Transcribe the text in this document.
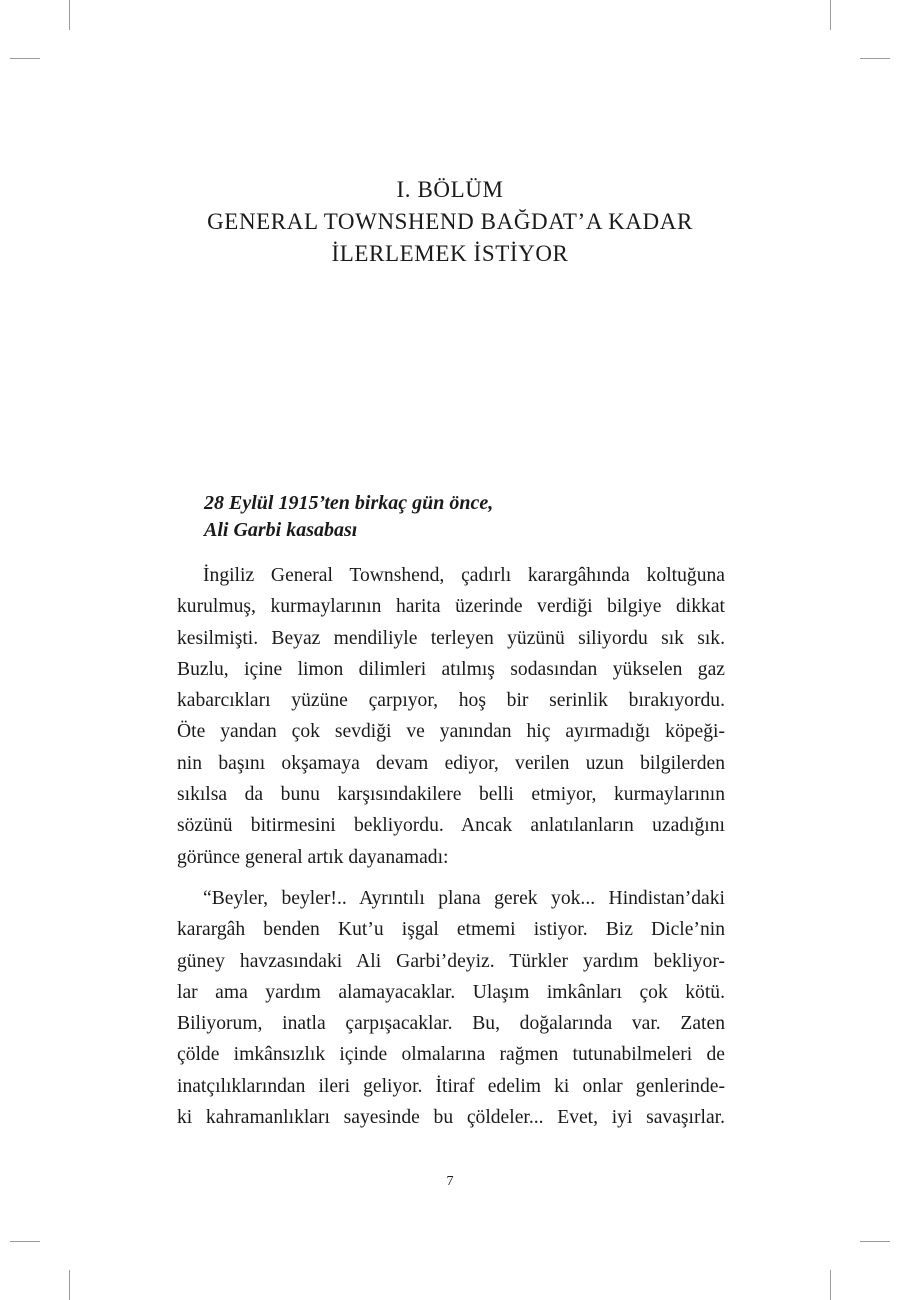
I. BÖLÜM
GENERAL TOWNSHEND BAĞDAT’A KADAR
İLERLEMEK İSTİYOR
28 Eylül 1915’ten birkaç gün önce,
Ali Garbi kasabası
İngiliz General Townshend, çadırlı karargâhında koltuğuna
kurulmuş, kurmaylarının harita üzerinde verdiği bilgiye dikkat
kesilmişti. Beyaz mendiliyle terleyen yüzünü siliyordu sık sık.
Buzlu, içine limon dilimleri atılmış sodasından yükselen gaz
kabarcıkları yüzüne çarpıyor, hoş bir serinlik bırakıyordu.
Öte yandan çok sevdiği ve yanından hiç ayırmadığı köpeği-
nin başını okşamaya devam ediyor, verilen uzun bilgilerden
sıkılsa da bunu karşısındakilere belli etmiyor, kurmaylarının
sözünü bitirmesini bekliyordu. Ancak anlatılanların uzadığını
görünce general artık dayanamadı:
“Beyler, beyler!.. Ayrıntılı plana gerek yok... Hindistan’daki
karargâh benden Kut’u işgal etmemi istiyor. Biz Dicle’nin
güney havzasındaki Ali Garbi’deyiz. Türkler yardım bekliyor-
lar ama yardım alamayacaklar. Ulaşım imkânları çok kötü.
Biliyorum, inatla çarpışacaklar. Bu, doğalarında var. Zaten
çölde imkânsızlık içinde olmalarına rağmen tutunabilmeleri de
inatçılıklarından ileri geliyor. İtiraf edelim ki onlar genlerinde-
ki kahramanlıkları sayesinde bu çöldeler... Evet, iyi savaşırlar.
7
